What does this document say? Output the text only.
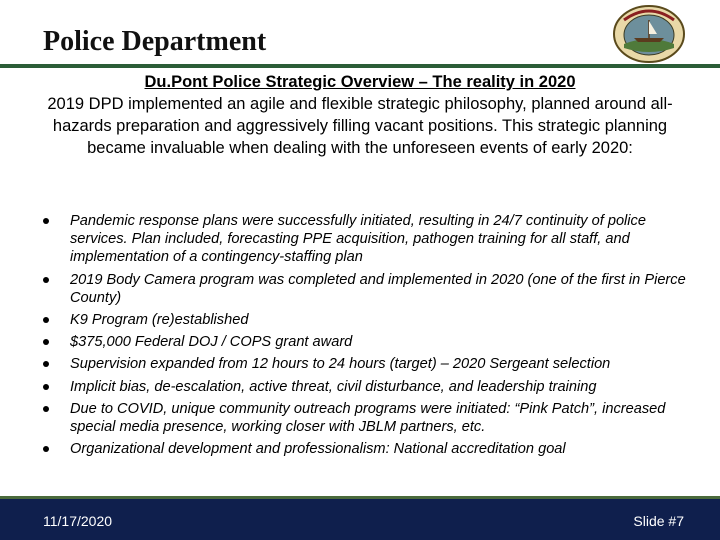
Police Department
Du.Pont Police Strategic Overview – The reality in 2020
2019 DPD implemented an agile and flexible strategic philosophy, planned around all-hazards preparation and aggressively filling vacant positions. This strategic planning became invaluable when dealing with the unforeseen events of early 2020:
Pandemic response plans were successfully initiated, resulting in 24/7 continuity of police services. Plan included, forecasting PPE acquisition, pathogen training for all staff, and implementation of a contingency-staffing plan
2019 Body Camera program was completed and implemented in 2020 (one of the first in Pierce County)
K9 Program (re)established
$375,000 Federal DOJ / COPS grant award
Supervision expanded from 12 hours to 24 hours (target) – 2020 Sergeant selection
Implicit bias, de-escalation, active threat, civil disturbance, and leadership training
Due to COVID, unique community outreach programs were initiated: “Pink Patch”, increased special media presence, working closer with JBLM partners, etc.
Organizational development and professionalism: National accreditation goal
11/17/2020	Slide #7
